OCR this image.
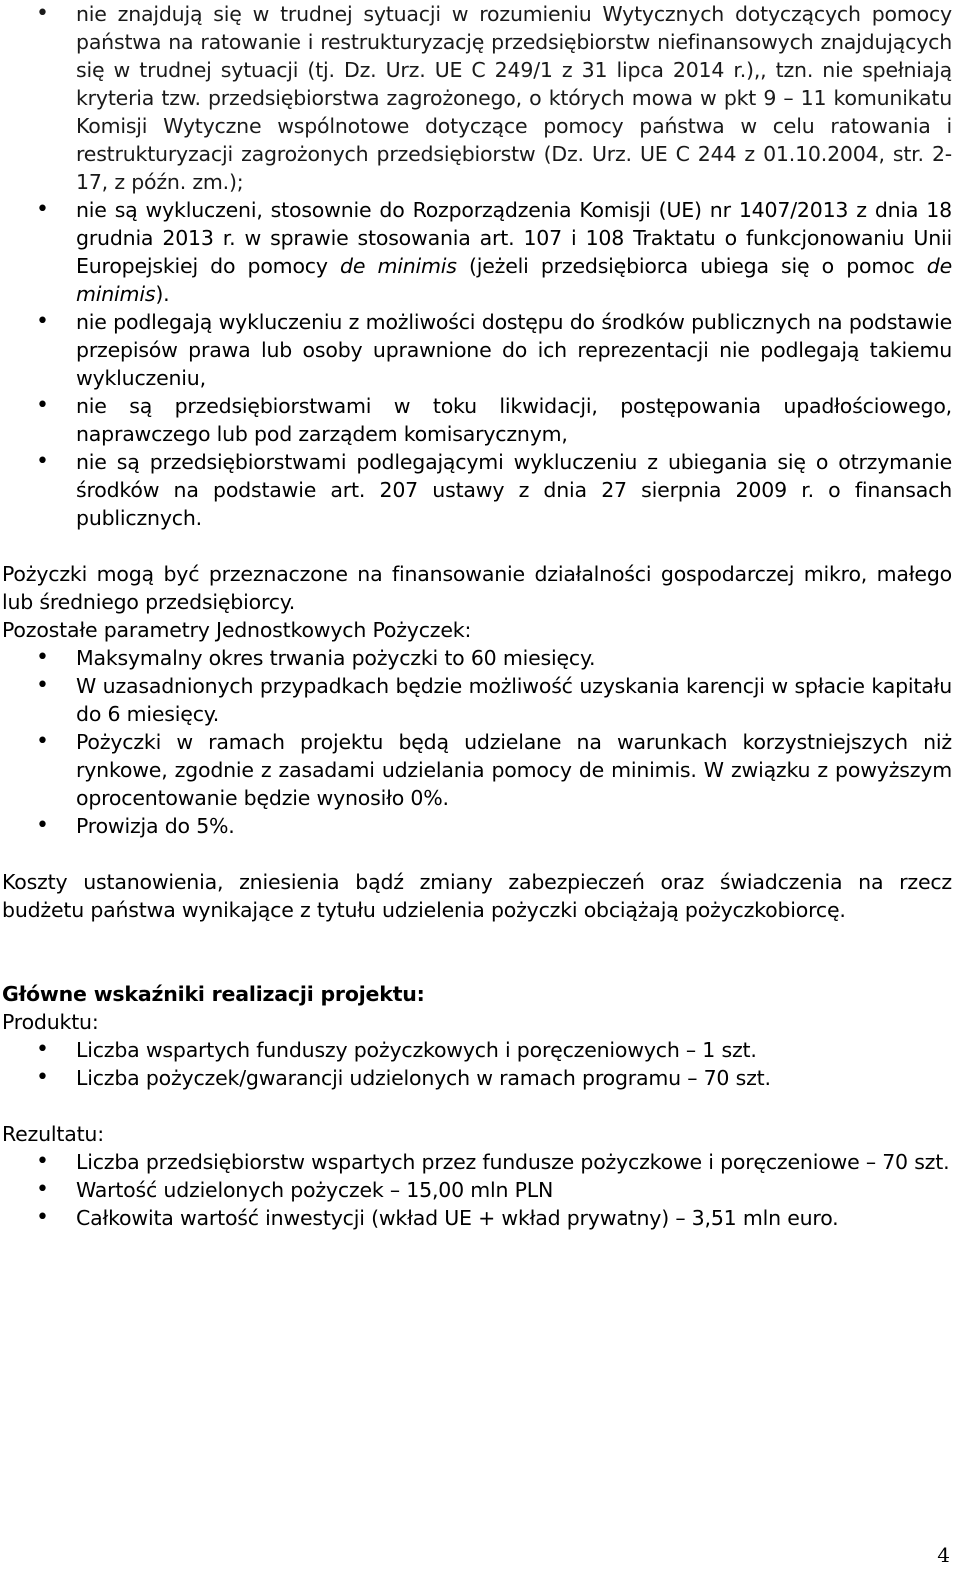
• nie znajdują się w trudnej sytuacji w rozumieniu Wytycznych dotyczących pomocy państwa na ratowanie i restrukturyzację przedsiębiorstw niefinansowych znajdujących się w trudnej sytuacji (tj. Dz. Urz. UE C 249/1 z 31 lipca 2014 r.),, tzn. nie spełniają kryteria tzw. przedsiębiorstwa zagrożonego, o których mowa w pkt 9 – 11 komunikatu Komisji Wytyczne wspólnotowe dotyczące pomocy państwa w celu ratowania i restrukturyzacji zagrożonych przedsiębiorstw (Dz. Urz. UE C 244 z 01.10.2004, str. 2-17, z późn. zm.);
• nie są wykluczeni, stosownie do Rozporządzenia Komisji (UE) nr 1407/2013 z dnia 18 grudnia 2013 r. w sprawie stosowania art. 107 i 108 Traktatu o funkcjonowaniu Unii Europejskiej do pomocy de minimis (jeżeli przedsiębiorca ubiega się o pomoc de minimis).
• nie podlegają wykluczeniu z możliwości dostępu do środków publicznych na podstawie przepisów prawa lub osoby uprawnione do ich reprezentacji nie podlegają takiemu wykluczeniu,
• nie są przedsiębiorstwami w toku likwidacji, postępowania upadłościowego, naprawczego lub pod zarządem komisarycznym,
• nie są przedsiębiorstwami podlegającymi wykluczeniu z ubiegania się o otrzymanie środków na podstawie art. 207 ustawy z dnia 27 sierpnia 2009 r. o finansach publicznych.

Pożyczki mogą być przeznaczone na finansowanie działalności gospodarczej mikro, małego lub średniego przedsiębiorcy.

Pozostałe parametry Jednostkowych Pożyczek:

• Maksymalny okres trwania pożyczki to 60 miesięcy.
• W uzasadnionych przypadkach będzie możliwość uzyskania karencji w spłacie kapitału do 6 miesięcy.
• Pożyczki w ramach projektu będą udzielane na warunkach korzystniejszych niż rynkowe, zgodnie z zasadami udzielania pomocy de minimis. W związku z powyższym oprocentowanie będzie wynosiło 0%.
• Prowizja do 5%.

Koszty ustanowienia, zniesienia bądź zmiany zabezpieczeń oraz świadczenia na rzecz budżetu państwa wynikające z tytułu udzielenia pożyczki obciążają pożyczkobiorcę.

Główne wskaźniki realizacji projektu:

Produktu:

• Liczba wspartych funduszy pożyczkowych i poręczeniowych – 1 szt.
• Liczba pożyczek/gwarancji udzielonych w ramach programu – 70 szt.

Rezultatu:

• Liczba przedsiębiorstw wspartych przez fundusze pożyczkowe i poręczeniowe – 70 szt.
• Wartość udzielonych pożyczek – 15,00 mln PLN
• Całkowita wartość inwestycji (wkład UE + wkład prywatny) – 3,51 mln euro.
4
